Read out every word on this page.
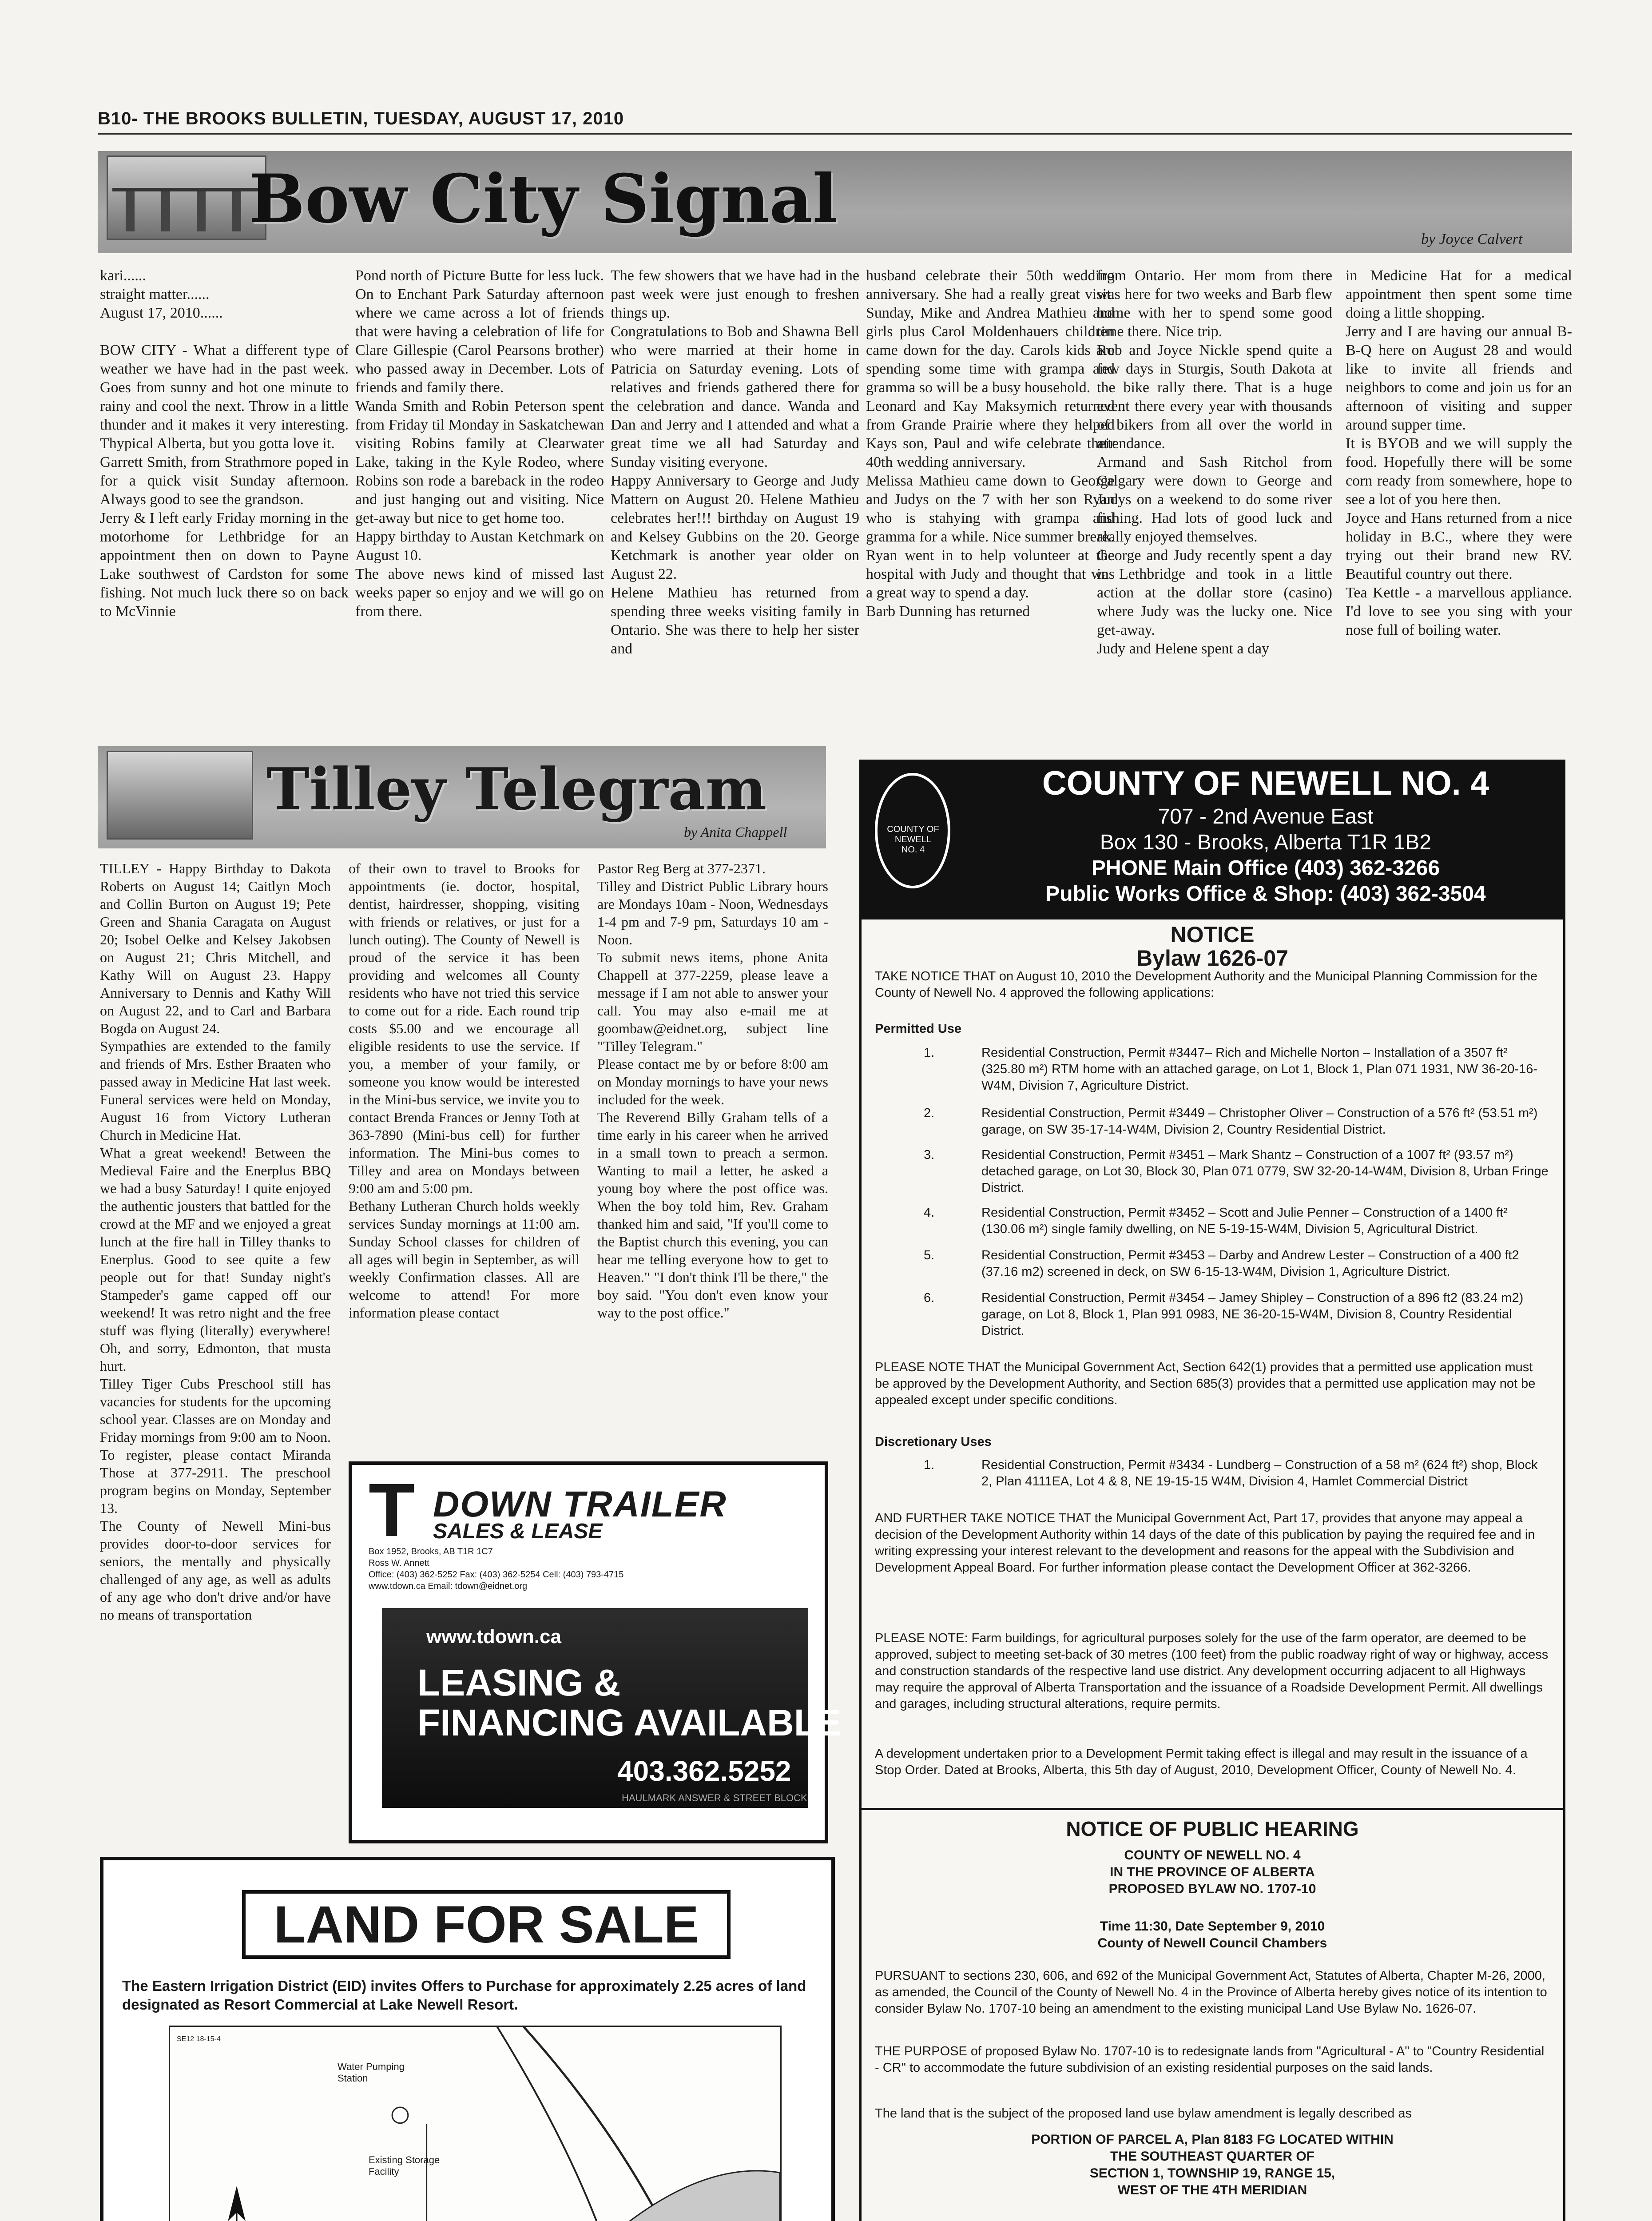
B10- THE BROOKS BULLETIN, TUESDAY, AUGUST 17, 2010
Bow City Signal
by Joyce Calvert
kari......
straight matter......
August 17, 2010......

BOW CITY - What a different type of weather we have had in the past week. Goes from sunny and hot one minute to rainy and cool the next. Throw in a little thunder and it makes it very interesting. Thypical Alberta, but you gotta love it.
Garrett Smith, from Strathmore poped in for a quick visit Sunday afternoon. Always good to see the grandson.
Jerry & I left early Friday morning in the motorhome for Lethbridge for an appointment then on down to Payne Lake southwest of Cardston for some fishing. Not much luck there so on back to McVinnie
Pond north of Picture Butte for less luck. On to Enchant Park Saturday afternoon where we came across a lot of friends that were having a celebration of life for Clare Gillespie (Carol Pearsons brother) who passed away in December. Lots of friends and family there.
Wanda Smith and Robin Peterson spent from Friday til Monday in Saskatchewan visiting Robins family at Clearwater Lake, taking in the Kyle Rodeo, where Robins son rode a bareback in the rodeo and just hanging out and visiting. Nice get-away but nice to get home too.
Happy birthday to Austan Ketchmark on August 10.
The above news kind of missed last weeks paper so enjoy and we will go on from there.
The few showers that we have had in the past week were just enough to freshen things up.
Congratulations to Bob and Shawna Bell who were married at their home in Patricia on Saturday evening. Lots of relatives and friends gathered there for the celebration and dance. Wanda and Dan and Jerry and I attended and what a great time we all had Saturday and Sunday visiting everyone.
Happy Anniversary to George and Judy Mattern on August 20. Helene Mathieu celebrates her!!! birthday on August 19 and Kelsey Gubbins on the 20. George Ketchmark is another year older on August 22.
Helene Mathieu has returned from spending three weeks visiting family in Ontario. She was there to help her sister and
husband celebrate their 50th wedding anniversary. She had a really great visit. Sunday, Mike and Andrea Mathieu and girls plus Carol Moldenhauers children came down for the day. Carols kids are spending some time with grampa and gramma so will be a busy household.
Leonard and Kay Maksymich returned from Grande Prairie where they helped Kays son, Paul and wife celebrate their 40th wedding anniversary.
Melissa Mathieu came down to George and Judys on the 7 with her son Ryan who is stahying with grampa and gramma for a while. Nice summer break. Ryan went in to help volunteer at the hospital with Judy and thought that was a great way to spend a day.
Barb Dunning has returned
from Ontario. Her mom from there was here for two weeks and Barb flew home with her to spend some good time there. Nice trip.
Rob and Joyce Nickle spend quite a few days in Sturgis, South Dakota at the bike rally there. That is a huge event there every year with thousands of bikers from all over the world in attendance.
Armand and Sash Ritchol from Calgary were down to George and Judys on a weekend to do some river fishing. Had lots of good luck and really enjoyed themselves.
George and Judy recently spent a day in Lethbridge and took in a little action at the dollar store (casino) where Judy was the lucky one. Nice get-away.
Judy and Helene spent a day
in Medicine Hat for a medical appointment then spent some time doing a little shopping.
Jerry and I are having our annual B-B-Q here on August 28 and would like to invite all friends and neighbors to come and join us for an afternoon of visiting and supper around supper time.
It is BYOB and we will supply the food. Hopefully there will be some corn ready from somewhere, hope to see a lot of you here then.
Joyce and Hans returned from a nice holiday in B.C., where they were trying out their brand new RV. Beautiful country out there.
Tea Kettle - a marvellous appliance. I'd love to see you sing with your nose full of boiling water.
Tilley Telegram
by Anita Chappell
TILLEY - Happy Birthday to Dakota Roberts on August 14; Caitlyn Moch and Collin Burton on August 19; Pete Green and Shania Caragata on August 20; Isobel Oelke and Kelsey Jakobsen on August 21; Chris Mitchell, and Kathy Will on August 23. Happy Anniversary to Dennis and Kathy Will on August 22, and to Carl and Barbara Bogda on August 24.
Sympathies are extended to the family and friends of Mrs. Esther Braaten who passed away in Medicine Hat last week. Funeral services were held on Monday, August 16 from Victory Lutheran Church in Medicine Hat.
What a great weekend! Between the Medieval Faire and the Enerplus BBQ we had a busy Saturday! I quite enjoyed the authentic jousters that battled for the crowd at the MF and we enjoyed a great lunch at the fire hall in Tilley thanks to Enerplus. Good to see quite a few people out for that! Sunday night's Stampeder's game capped off our weekend! It was retro night and the free stuff was flying (literally) everywhere! Oh, and sorry, Edmonton, that musta hurt.
Tilley Tiger Cubs Preschool still has vacancies for students for the upcoming school year. Classes are on Monday and Friday mornings from 9:00 am to Noon. To register, please contact Miranda Those at 377-2911. The preschool program begins on Monday, September 13.
The County of Newell Mini-bus provides door-to-door services for seniors, the mentally and physically challenged of any age, as well as adults of any age who don't drive and/or have no means of transportation
of their own to travel to Brooks for appointments (ie. doctor, hospital, dentist, hairdresser, shopping, visiting with friends or relatives, or just for a lunch outing). The County of Newell is proud of the service it has been providing and welcomes all County residents who have not tried this service to come out for a ride. Each round trip costs $5.00 and we encourage all eligible residents to use the service. If you, a member of your family, or someone you know would be interested in the Mini-bus service, we invite you to contact Brenda Frances or Jenny Toth at 363-7890 (Mini-bus cell) for further information. The Mini-bus comes to Tilley and area on Mondays between 9:00 am and 5:00 pm.
Bethany Lutheran Church holds weekly services Sunday mornings at 11:00 am. Sunday School classes for children of all ages will begin in September, as will weekly Confirmation classes. All are welcome to attend! For more information please contact
Pastor Reg Berg at 377-2371.
Tilley and District Public Library hours are Mondays 10am - Noon, Wednesdays 1-4 pm and 7-9 pm, Saturdays 10 am - Noon.
To submit news items, phone Anita Chappell at 377-2259, please leave a message if I am not able to answer your call. You may also e-mail me at goombaw@eidnet.org, subject line "Tilley Telegram."
Please contact me by or before 8:00 am on Monday mornings to have your news included for the week.
The Reverend Billy Graham tells of a time early in his career when he arrived in a small town to preach a sermon. Wanting to mail a letter, he asked a young boy where the post office was. When the boy told him, Rev. Graham thanked him and said, "If you'll come to the Baptist church this evening, you can hear me telling everyone how to get to Heaven." "I don't think I'll be there," the boy said. "You don't even know your way to the post office."
T DOWN TRAILER
SALES & LEASE
Box 1952, Brooks, AB T1R 1C7
Ross W. Annett
Office: (403) 362-5252 Fax: (403) 362-5254 Cell: (403) 793-4715
www.tdown.ca Email: tdown@eidnet.org
www.tdown.ca
LEASING &
FINANCING AVAILABLE
403.362.5252
HAULMARK ANSWER & STREET BLOCK
COUNTY OF NEWELL NO. 4
COUNTY OF NEWELL NO. 4
707 - 2nd Avenue East
Box 130 - Brooks, Alberta T1R 1B2
PHONE Main Office (403) 362-3266
Public Works Office & Shop: (403) 362-3504
NOTICE
Bylaw 1626-07
TAKE NOTICE THAT on August 10, 2010 the Development Authority and the Municipal Planning Commission for the County of Newell No. 4 approved the following applications:
Permitted Use
1.	Residential Construction, Permit #3447– Rich and Michelle Norton – Installation of a 3507 ft² (325.80 m²) RTM home with an attached garage, on Lot 1, Block 1, Plan 071 1931, NW 36-20-16-W4M, Division 7, Agriculture District.
2.	Residential Construction, Permit #3449 – Christopher Oliver – Construction of a 576 ft² (53.51 m²) garage, on SW 35-17-14-W4M, Division 2, Country Residential District.
3.	Residential Construction, Permit #3451 – Mark Shantz – Construction of a 1007 ft² (93.57 m²) detached garage, on Lot 30, Block 30, Plan 071 0779, SW 32-20-14-W4M, Division 8, Urban Fringe District.
4.	Residential Construction, Permit #3452 – Scott and Julie Penner – Construction of a 1400 ft² (130.06 m²) single family dwelling, on NE 5-19-15-W4M, Division 5, Agricultural District.
5.	Residential Construction, Permit #3453 – Darby and Andrew Lester – Construction of a 400 ft2 (37.16 m2) screened in deck, on SW 6-15-13-W4M, Division 1, Agriculture District.
6.	Residential Construction, Permit #3454 – Jamey Shipley – Construction of a 896 ft2 (83.24 m2) garage, on Lot 8, Block 1, Plan 991 0983, NE 36-20-15-W4M, Division 8, Country Residential District.
PLEASE NOTE THAT the Municipal Government Act, Section 642(1) provides that a permitted use application must be approved by the Development Authority, and Section 685(3) provides that a permitted use application may not be appealed except under specific conditions.
Discretionary Uses
1.	Residential Construction, Permit #3434 - Lundberg – Construction of a 58 m² (624 ft²) shop, Block 2, Plan 4111EA, Lot 4 & 8, NE 19-15-15 W4M, Division 4, Hamlet Commercial District
AND FURTHER TAKE NOTICE THAT the Municipal Government Act, Part 17, provides that anyone may appeal a decision of the Development Authority within 14 days of the date of this publication by paying the required fee and in writing expressing your interest relevant to the development and reasons for the appeal with the Subdivision and Development Appeal Board. For further information please contact the Development Officer at 362-3266.
PLEASE NOTE: Farm buildings, for agricultural purposes solely for the use of the farm operator, are deemed to be approved, subject to meeting set-back of 30 metres (100 feet) from the public roadway right of way or highway, access and construction standards of the respective land use district. Any development occurring adjacent to all Highways may require the approval of Alberta Transportation and the issuance of a Roadside Development Permit. All dwellings and garages, including structural alterations, require permits.
A development undertaken prior to a Development Permit taking effect is illegal and may result in the issuance of a Stop Order. Dated at Brooks, Alberta, this 5th day of August, 2010, Development Officer, County of Newell No. 4.
NOTICE OF PUBLIC HEARING
COUNTY OF NEWELL NO. 4
IN THE PROVINCE OF ALBERTA
PROPOSED BYLAW NO. 1707-10
Time 11:30, Date September 9, 2010
County of Newell Council Chambers
PURSUANT to sections 230, 606, and 692 of the Municipal Government Act, Statutes of Alberta, Chapter M-26, 2000, as amended, the Council of the County of Newell No. 4 in the Province of Alberta hereby gives notice of its intention to consider Bylaw No. 1707-10 being an amendment to the existing municipal Land Use Bylaw No. 1626-07.
THE PURPOSE of proposed Bylaw No. 1707-10 is to redesignate lands from "Agricultural - A" to "Country Residential - CR" to accommodate the future subdivision of an existing residential purposes on the said lands.
The land that is the subject of the proposed land use bylaw amendment is legally described as
PORTION OF PARCEL A, Plan 8183 FG LOCATED WITHIN
THE SOUTHEAST QUARTER OF
SECTION 1, TOWNSHIP 19, RANGE 15,
WEST OF THE 4TH MERIDIAN
LAND FOR SALE
The Eastern Irrigation District (EID) invites Offers to Purchase for approximately 2.25 acres of land designated as Resort Commercial at Lake Newell Resort.
SE12 18-15-4
Water Pumping Station
Existing Storage Facility
